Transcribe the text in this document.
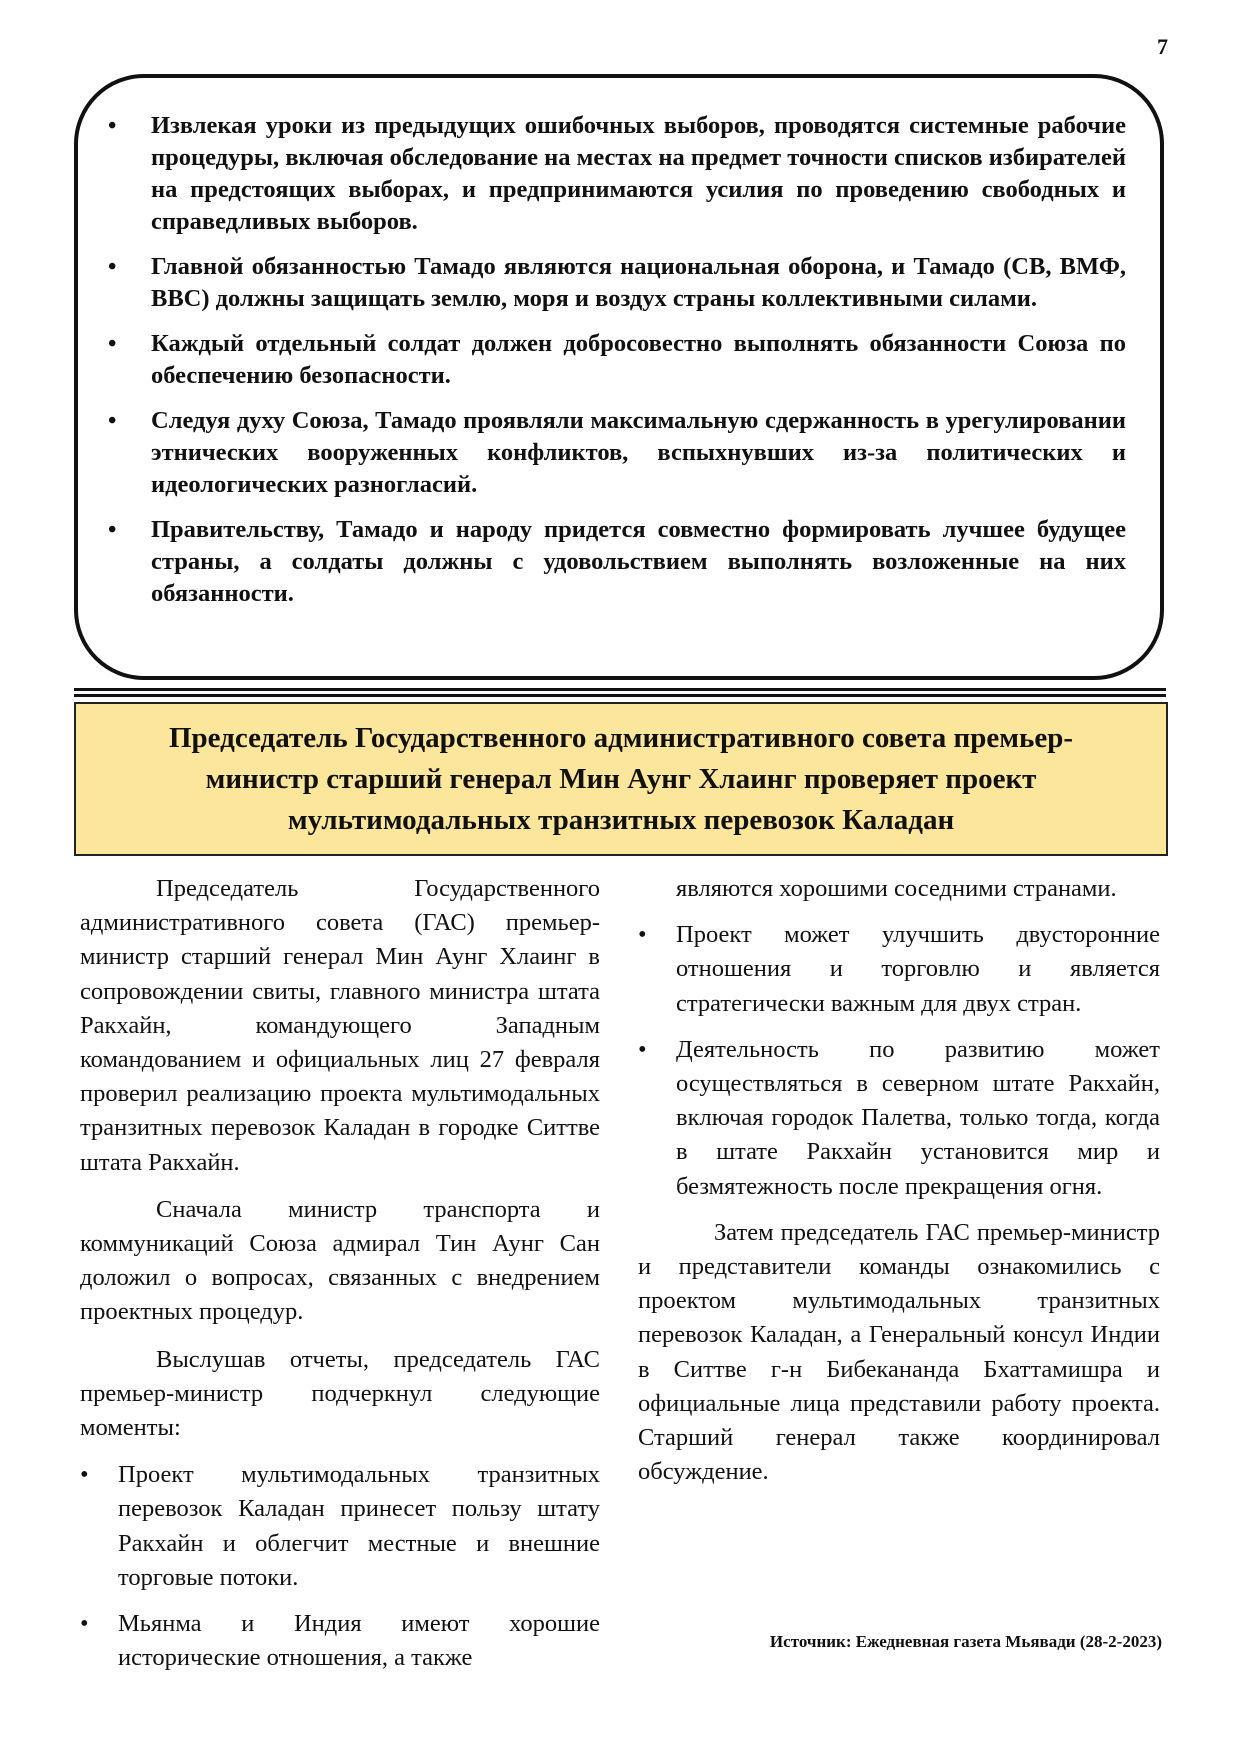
7
• Извлекая уроки из предыдущих ошибочных выборов, проводятся системные рабочие процедуры, включая обследование на местах на предмет точности списков избирателей на предстоящих выборах, и предпринимаются усилия по проведению свободных и справедливых выборов.
• Главной обязанностью Тамадо являются национальная оборона, и Тамадо (СВ, ВМФ, ВВС) должны защищать землю, моря и воздух страны коллективными силами.
• Каждый отдельный солдат должен добросовестно выполнять обязанности Союза по обеспечению безопасности.
• Следуя духу Союза, Тамадо проявляли максимальную сдержанность в урегулировании этнических вооруженных конфликтов, вспыхнувших из-за политических и идеологических разногласий.
• Правительству, Тамадо и народу придется совместно формировать лучшее будущее страны, а солдаты должны с удовольствием выполнять возложенные на них обязанности.
Председатель Государственного административного совета премьер-министр старший генерал Мин Аунг Хлаинг проверяет проект мультимодальных транзитных перевозок Каладан

Председатель Государственного административного совета (ГАС) премьер-министр старший генерал Мин Аунг Хлаинг в сопровождении свиты, главного министра штата Ракхайн, командующего Западным командованием и официальных лиц 27 февраля проверил реализацию проекта мультимодальных транзитных перевозок Каладан в городке Ситтве штата Ракхайн.

Сначала министр транспорта и коммуникаций Союза адмирал Тин Аунг Сан доложил о вопросах, связанных с внедрением проектных процедур.

Выслушав отчеты, председатель ГАС премьер-министр подчеркнул следующие моменты:

• Проект мультимодальных транзитных перевозок Каладан принесет пользу штату Ракхайн и облегчит местные и внешние торговые потоки.
• Мьянма и Индия имеют хорошие исторические отношения, а также

являются хорошими соседними странами.

• Проект может улучшить двусторонние отношения и торговлю и является стратегически важным для двух стран.
• Деятельность по развитию может осуществляться в северном штате Ракхайн, включая городок Палетва, только тогда, когда в штате Ракхайн установится мир и безмятежность после прекращения огня.

Затем председатель ГАС премьер-министр и представители команды ознакомились с проектом мультимодальных транзитных перевозок Каладан, а Генеральный консул Индии в Ситтве г-н Бибекананда Бхаттамишра и официальные лица представили работу проекта. Старший генерал также координировал обсуждение.

Источник: Ежедневная газета Мьявади (28-2-2023)
